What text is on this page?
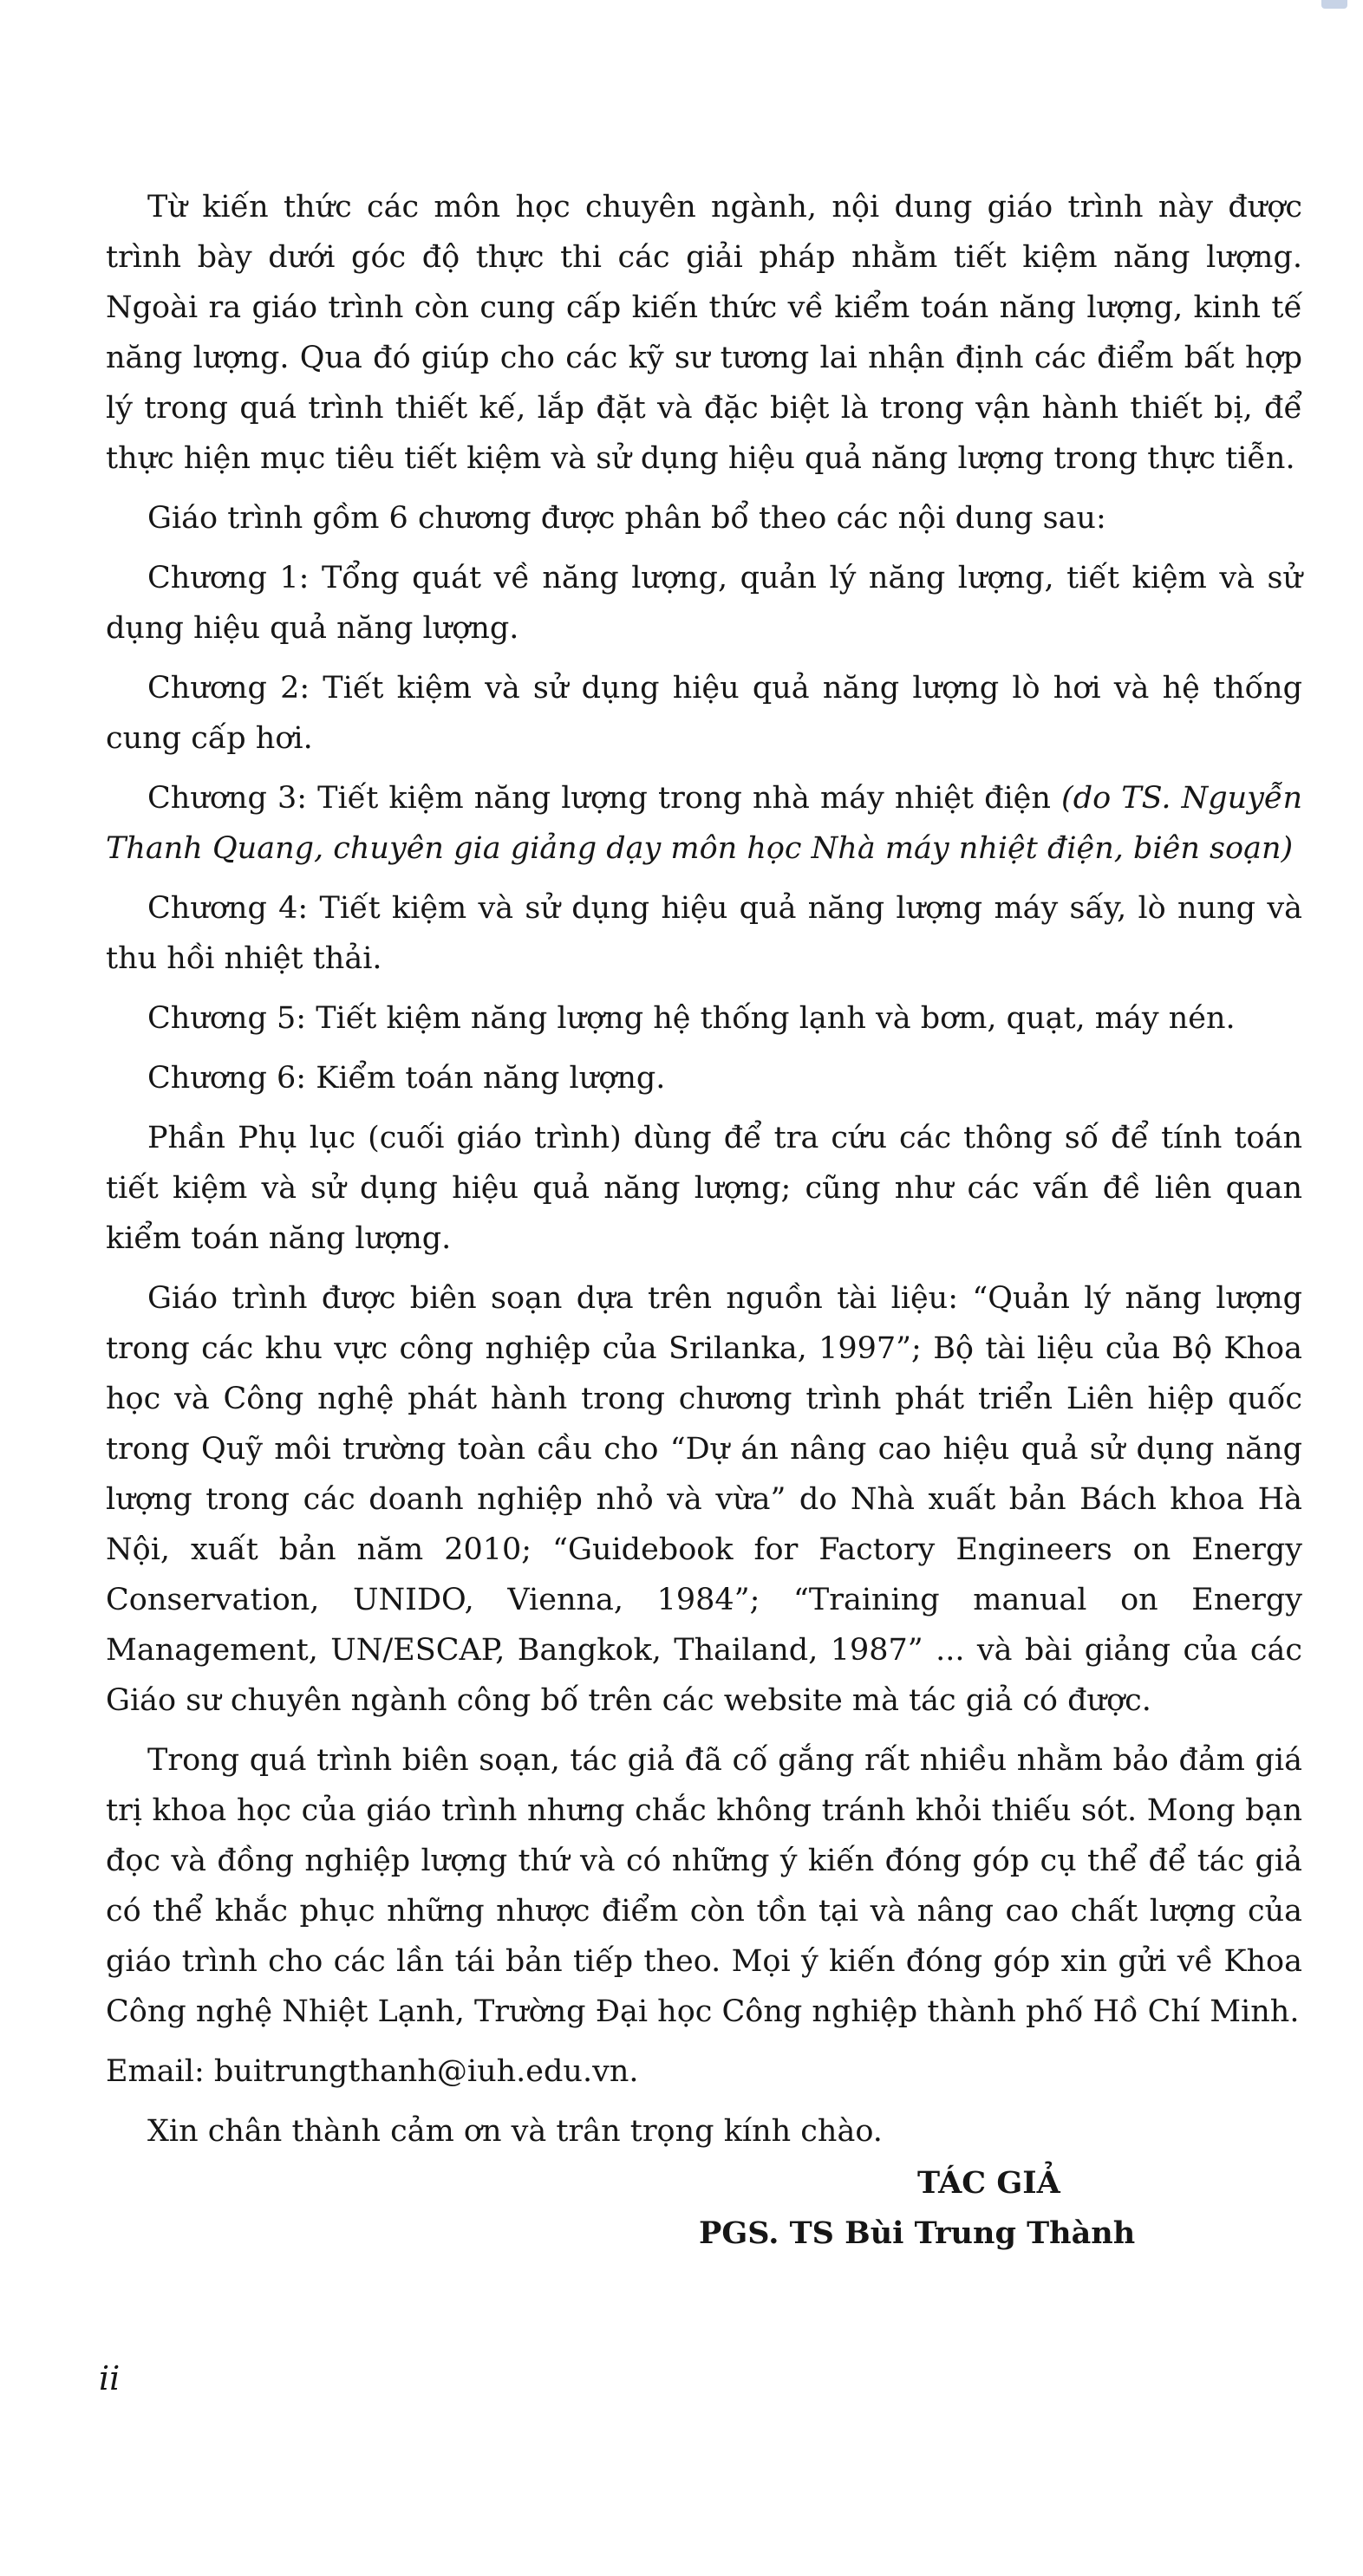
Từ kiến thức các môn học chuyên ngành, nội dung giáo trình này được trình bày dưới góc độ thực thi các giải pháp nhằm tiết kiệm năng lượng. Ngoài ra giáo trình còn cung cấp kiến thức về kiểm toán năng lượng, kinh tế năng lượng. Qua đó giúp cho các kỹ sư tương lai nhận định các điểm bất hợp lý trong quá trình thiết kế, lắp đặt và đặc biệt là trong vận hành thiết bị, để thực hiện mục tiêu tiết kiệm và sử dụng hiệu quả năng lượng trong thực tiễn.

Giáo trình gồm 6 chương được phân bổ theo các nội dung sau:

Chương 1: Tổng quát về năng lượng, quản lý năng lượng, tiết kiệm và sử dụng hiệu quả năng lượng.

Chương 2: Tiết kiệm và sử dụng hiệu quả năng lượng lò hơi và hệ thống cung cấp hơi.

Chương 3: Tiết kiệm năng lượng trong nhà máy nhiệt điện (do TS. Nguyễn Thanh Quang, chuyên gia giảng dạy môn học Nhà máy nhiệt điện, biên soạn)

Chương 4: Tiết kiệm và sử dụng hiệu quả năng lượng máy sấy, lò nung và thu hồi nhiệt thải.

Chương 5: Tiết kiệm năng lượng hệ thống lạnh và bơm, quạt, máy nén.

Chương 6: Kiểm toán năng lượng.

Phần Phụ lục (cuối giáo trình) dùng để tra cứu các thông số để tính toán tiết kiệm và sử dụng hiệu quả năng lượng; cũng như các vấn đề liên quan kiểm toán năng lượng.

Giáo trình được biên soạn dựa trên nguồn tài liệu: “Quản lý năng lượng trong các khu vực công nghiệp của Srilanka, 1997”; Bộ tài liệu của Bộ Khoa học và Công nghệ phát hành trong chương trình phát triển Liên hiệp quốc trong Quỹ môi trường toàn cầu cho “Dự án nâng cao hiệu quả sử dụng năng lượng trong các doanh nghiệp nhỏ và vừa” do Nhà xuất bản Bách khoa Hà Nội, xuất bản năm 2010; “Guidebook for Factory Engineers on Energy Conservation, UNIDO, Vienna, 1984”; “Training manual on Energy Management, UN/ESCAP, Bangkok, Thailand, 1987” ... và bài giảng của các Giáo sư chuyên ngành công bố trên các website mà tác giả có được.

Trong quá trình biên soạn, tác giả đã cố gắng rất nhiều nhằm bảo đảm giá trị khoa học của giáo trình nhưng chắc không tránh khỏi thiếu sót. Mong bạn đọc và đồng nghiệp lượng thứ và có những ý kiến đóng góp cụ thể để tác giả có thể khắc phục những nhược điểm còn tồn tại và nâng cao chất lượng của giáo trình cho các lần tái bản tiếp theo. Mọi ý kiến đóng góp xin gửi về Khoa Công nghệ Nhiệt Lạnh, Trường Đại học Công nghiệp thành phố Hồ Chí Minh.

Email: buitrungthanh@iuh.edu.vn.

Xin chân thành cảm ơn và trân trọng kính chào.

TÁC GIẢ
PGS. TS Bùi Trung Thành
ii
